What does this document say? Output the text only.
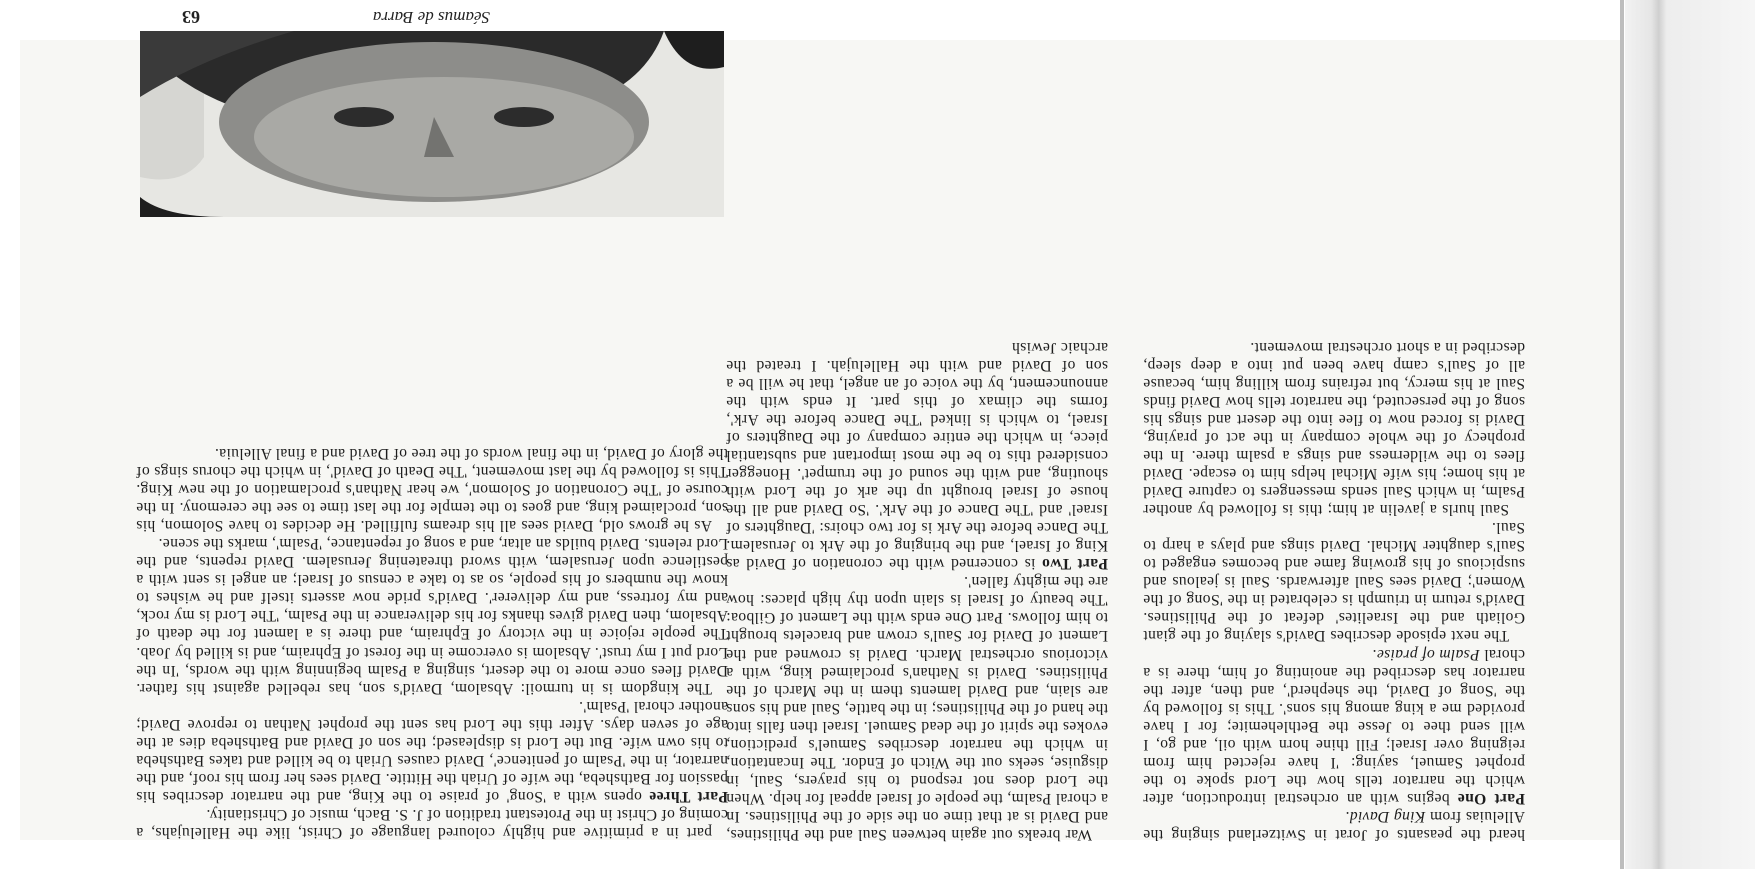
heard the peasants of Jorat in Switzerland singing the Alleluias from King David.

Part One begins with an orchestral introduction, after which the narrator tells how the Lord spoke to the prophet Samuel, saying: 'I have rejected him from reigning over Israel; Fill thine horn with oil, and go, I will send thee to Jesse the Bethlehemite; for I have provided me a king among his sons'. This is followed by the 'Song of David, the shepherd', and then, after the narrator has described the anointing of him, there is a choral Psalm of praise.

The next episode describes David's slaying of the giant Goliath and the Israelites' defeat of the Philistines. David's return in triumph is celebrated in the 'Song of the Women'; David sees Saul afterwards. Saul is jealous and suspicious of his growing fame and becomes engaged to Saul's daughter Michal. David sings and plays a harp to Saul.

Saul hurls a javelin at him; this is followed by another Psalm, in which Saul sends messengers to capture David at his home; his wife Michal helps him to escape. David flees to the wilderness and sings a psalm there. In the prophecy of the whole company in the act of praying, David is forced now to flee into the desert and sings his song of the persecuted, the narrator tells how David finds Saul at his mercy, but refrains from killing him, because all of Saul's camp have been put into a deep sleep, described in a short orchestral movement.

War breaks out again between Saul and the Philistines, and David is at that time on the side of the Philistines. In a choral Psalm, the people of Israel appeal for help. When the Lord does not respond to his prayers, Saul, in disguise, seeks out the Witch of Endor. The Incantation, in which the narrator describes Samuel's prediction, evokes the spirit of the dead Samuel. Israel then falls into the hand of the Philistines; in the battle, Saul and his sons are slain, and David laments them in the March of the Philistines. David is Nathan's proclaimed king, with a victorious orchestral March. David is crowned and the Lament of David for Saul's crown and bracelets brought to him follows. Part One ends with the Lament of Gilboa: 'The beauty of Israel is slain upon thy high places: how are the mighty fallen'.

Part Two is concerned with the coronation of David as King of Israel, and the bringing of the Ark to Jerusalem. The Dance before the Ark is for two choirs: 'Daughters of Israel' and 'The Dance of the Ark'. 'So David and all the house of Israel brought up the ark of the Lord with shouting, and with the sound of the trumpet'. Honegger considered this to be the most important and substantial piece, in which the entire company of the Daughters of Israel, to which is linked 'The Dance before the Ark', forms the climax of this part. It ends with the announcement, by the voice of an angel, that he will be a son of David and with the Hallelujah. I treated the archaic Jewish

part in a primitive and highly coloured language of Christ, like the Hallelujahs, a coming of Christ in the Protestant tradition of J. S. Bach, music of Christianity.

Part Three opens with a 'Song' of praise to the King, and the narrator describes his passion for Bathsheba, the wife of Uriah the Hittite. David sees her from his roof, and the narrator, in the 'Psalm of penitence', David causes Uriah to be killed and takes Bathsheba to his own wife. But the Lord is displeased; the son of David and Bathsheba dies at the age of seven days. After this the Lord has sent the prophet Nathan to reprove David; another choral 'Psalm'.

The kingdom is in turmoil: Absalom, David's son, has rebelled against his father. David flees once more to the desert, singing a Psalm beginning with the words, 'In the Lord put I my trust'. Absalom is overcome in the forest of Ephraim, and is killed by Joab. The people rejoice in the victory of Ephraim, and there is a lament for the death of Absalom, then David gives thanks for his deliverance in the Psalm, 'The Lord is my rock, and my fortress, and my deliverer'. David's pride now asserts itself and he wishes to know the numbers of his people, so as to take a census of Israel; an angel is sent with a pestilence upon Jerusalem, with sword threatening Jerusalem. David repents, and the Lord relents. David builds an altar, and a song of repentance, 'Psalm', marks the scene.

As he grows old, David sees all his dreams fulfilled. He decides to have Solomon, his son, proclaimed king, and goes to the temple for the last time to see the ceremony. In the course of 'The Coronation of Solomon', we hear Nathan's proclamation of the new King. This is followed by the last movement, 'The Death of David', in which the chorus sings of the glory of David, in the final words of the tree of David and a final Alleluia.

Séamus de Barra
63
